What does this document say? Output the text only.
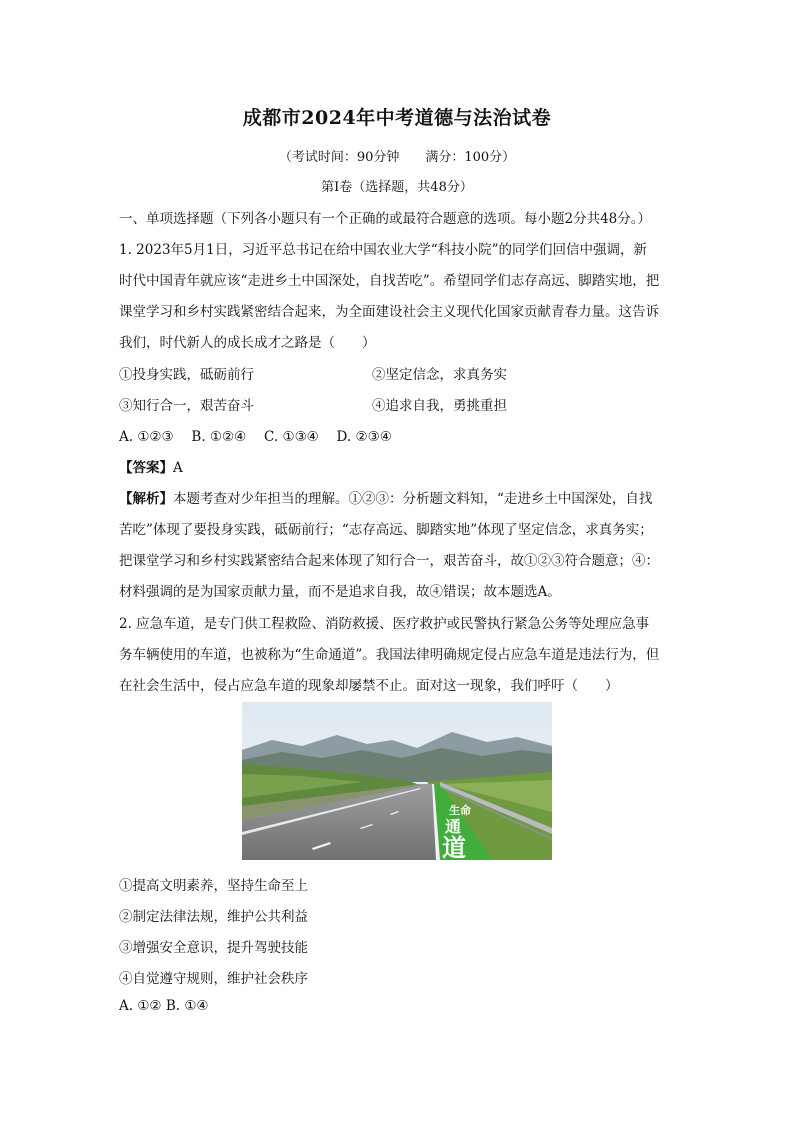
成都市2024年中考道德与法治试卷
（考试时间：90分钟　　满分：100分）
第Ⅰ卷（选择题，共48分）
一、单项选择题（下列各小题只有一个正确的或最符合题意的选项。每小题2分共48分。）
1. 2023年5月1日，习近平总书记在给中国农业大学“科技小院”的同学们回信中强调，新
时代中国青年就应该“走进乡土中国深处，自找苦吃”。希望同学们志存高远、脚踏实地，把
课堂学习和乡村实践紧密结合起来，为全面建设社会主义现代化国家贡献青春力量。这告诉
我们，时代新人的成长成才之路是（　　）
①投身实践，砥砺前行	②坚定信念，求真务实
③知行合一，艰苦奋斗	④追求自我，勇挑重担
A. ①②③　 B. ①②④　 C. ①③④　 D. ②③④
【答案】A
【解析】本题考查对少年担当的理解。①②③：分析题文料知，“走进乡土中国深处，自找
苦吃”体现了要投身实践，砥砺前行；“志存高远、脚踏实地”体现了坚定信念，求真务实；
把课堂学习和乡村实践紧密结合起来体现了知行合一，艰苦奋斗，故①②③符合题意；④：
材料强调的是为国家贡献力量，而不是追求自我，故④错误；故本题选A。
2. 应急车道，是专门供工程救险、消防救援、医疗救护或民警执行紧急公务等处理应急事
务车辆使用的车道，也被称为“生命通道”。我国法律明确规定侵占应急车道是违法行为，但
在社会生活中，侵占应急车道的现象却屡禁不止。面对这一现象，我们呼吁（　　）
生命
通
道
①提高文明素养，坚持生命至上
②制定法律法规，维护公共利益
③增强安全意识，提升驾驶技能
④自觉遵守规则，维护社会秩序
A. ①② B. ①④
